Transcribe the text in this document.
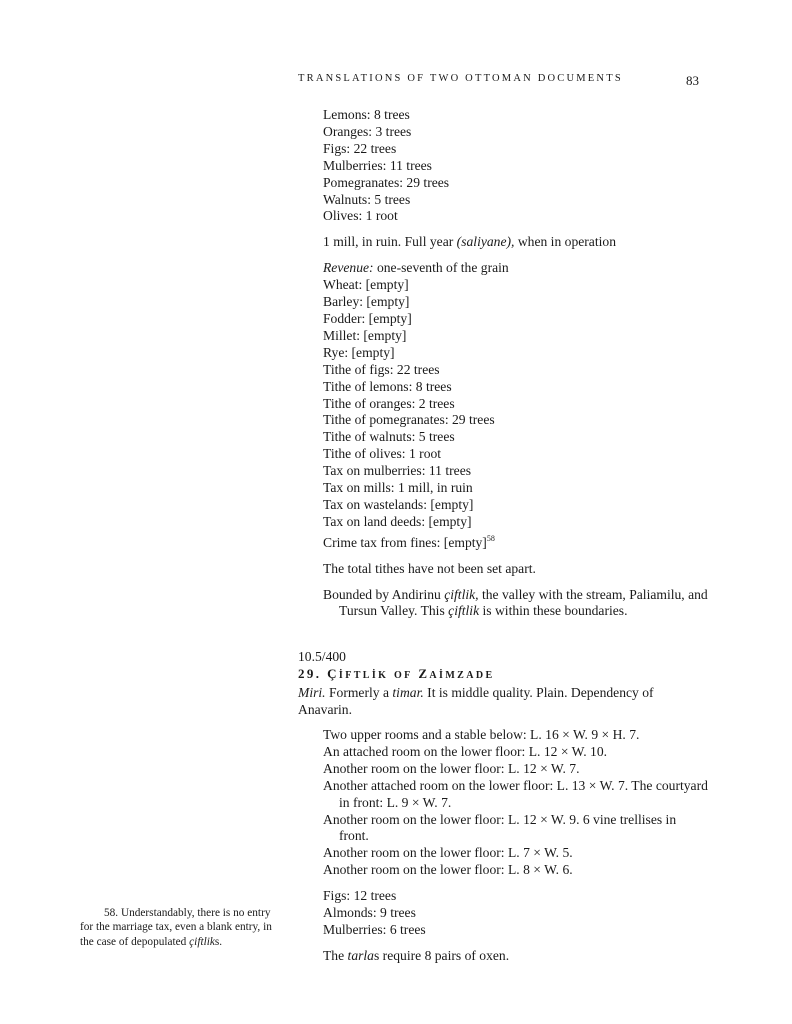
TRANSLATIONS OF TWO OTTOMAN DOCUMENTS	83
Lemons: 8 trees
Oranges: 3 trees
Figs: 22 trees
Mulberries: 11 trees
Pomegranates: 29 trees
Walnuts: 5 trees
Olives: 1 root
1 mill, in ruin. Full year (saliyane), when in operation
Revenue: one-seventh of the grain
Wheat: [empty]
Barley: [empty]
Fodder: [empty]
Millet: [empty]
Rye: [empty]
Tithe of figs: 22 trees
Tithe of lemons: 8 trees
Tithe of oranges: 2 trees
Tithe of pomegranates: 29 trees
Tithe of walnuts: 5 trees
Tithe of olives: 1 root
Tax on mulberries: 11 trees
Tax on mills: 1 mill, in ruin
Tax on wastelands: [empty]
Tax on land deeds: [empty]
Crime tax from fines: [empty]$^{58}$
The total tithes have not been set apart.
Bounded by Andirinu çiftlik, the valley with the stream, Paliamilu, and Tursun Valley. This çiftlik is within these boundaries.
10.5/400
29. ÇİFTLİK OF ZAİMZADE
Miri. Formerly a timar. It is middle quality. Plain. Dependency of Anavarin.
Two upper rooms and a stable below: L. 16 × W. 9 × H. 7.
An attached room on the lower floor: L. 12 × W. 10.
Another room on the lower floor: L. 12 × W. 7.
Another attached room on the lower floor: L. 13 × W. 7. The courtyard in front: L. 9 × W. 7.
Another room on the lower floor: L. 12 × W. 9. 6 vine trellises in front.
Another room on the lower floor: L. 7 × W. 5.
Another room on the lower floor: L. 8 × W. 6.
Figs: 12 trees
Almonds: 9 trees
Mulberries: 6 trees
The tarlas require 8 pairs of oxen.
58. Understandably, there is no entry for the marriage tax, even a blank entry, in the case of depopulated çiftliks.
